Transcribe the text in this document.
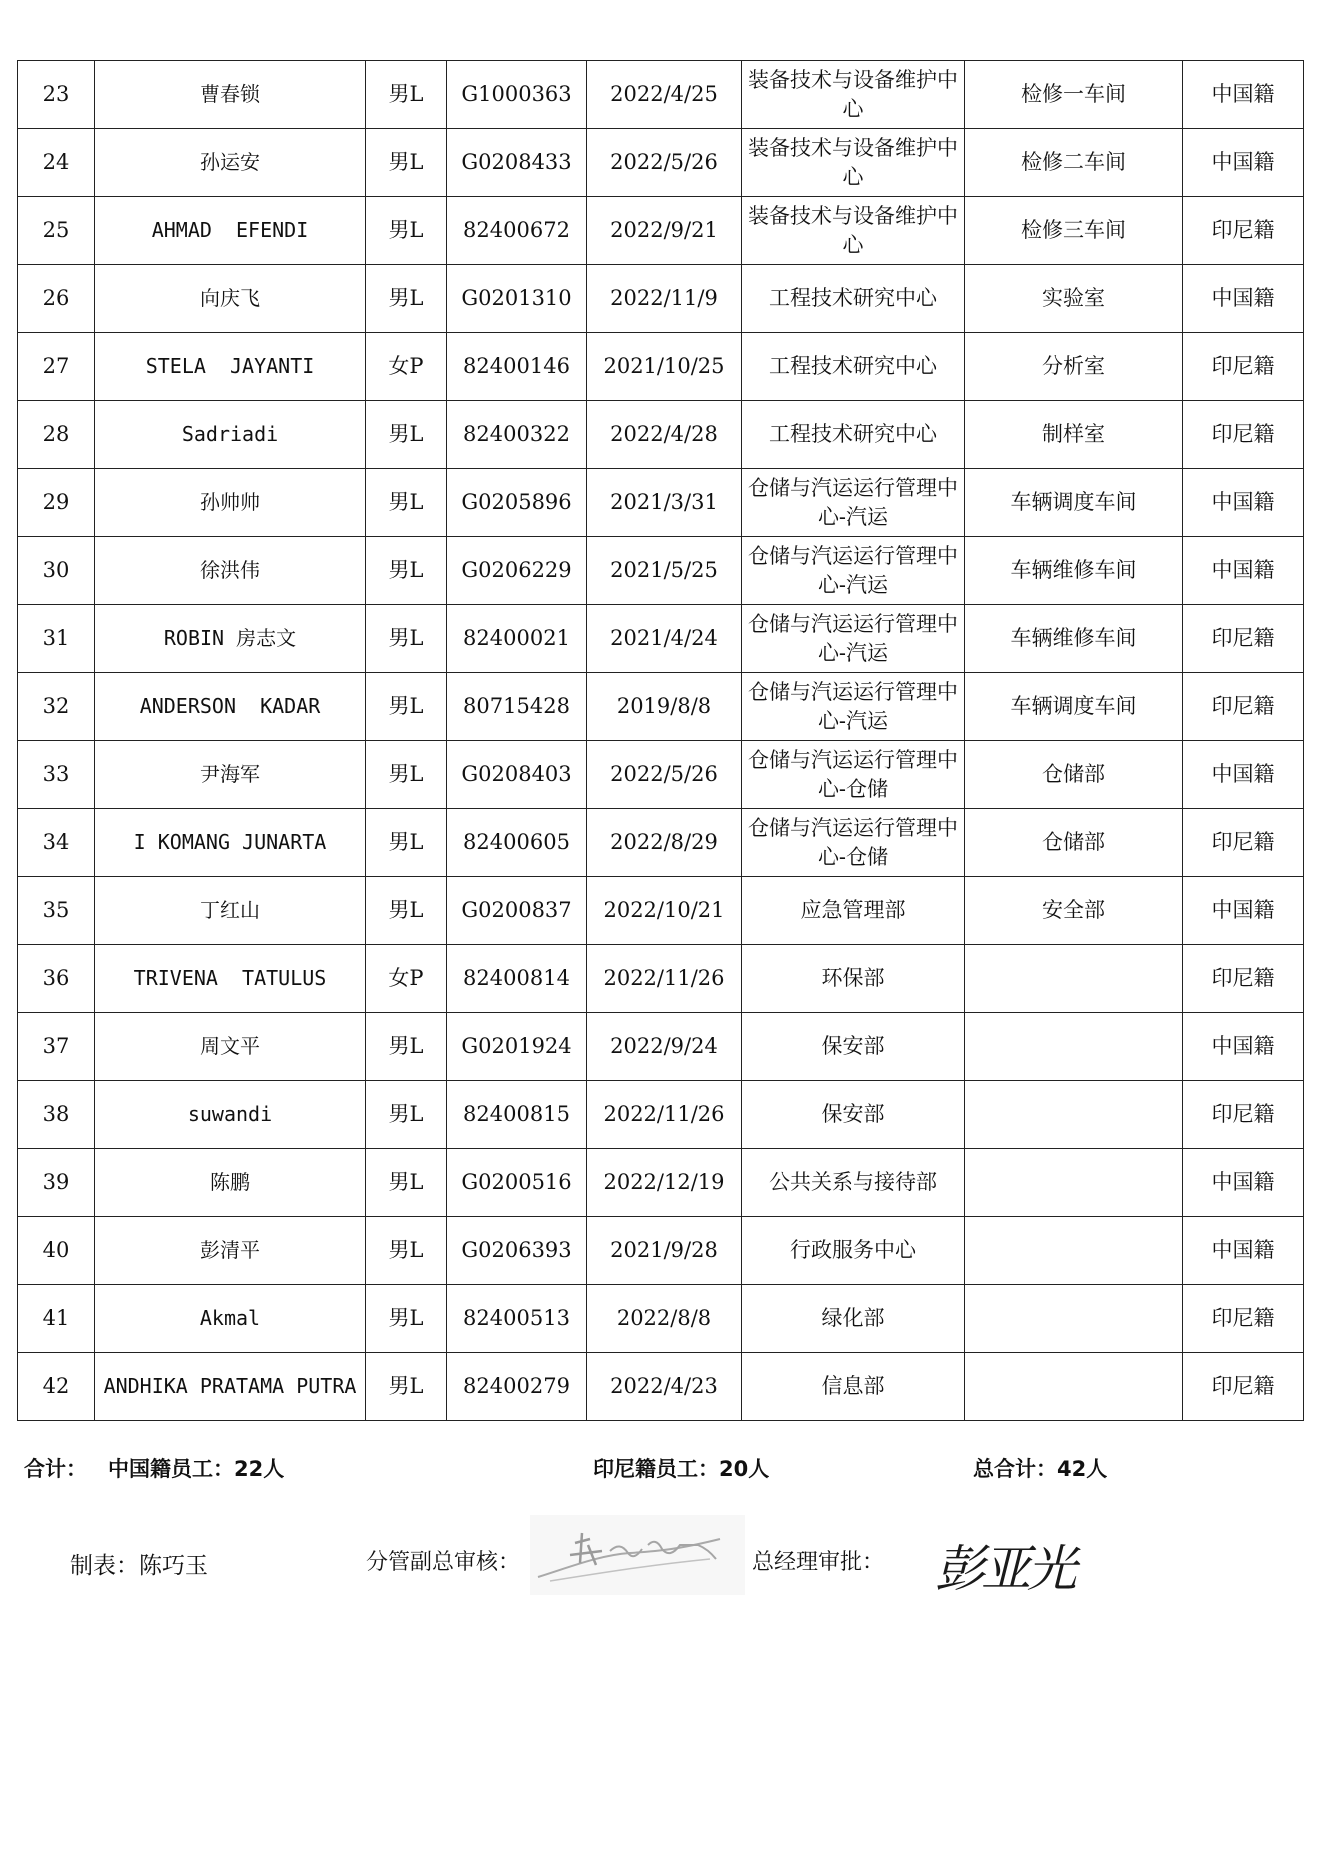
23	曹春锁	男L	G1000363	2022/4/25	装备技术与设备维护中心	检修一车间	中国籍
24	孙运安	男L	G0208433	2022/5/26	装备技术与设备维护中心	检修二车间	中国籍
25	AHMAD  EFENDI	男L	82400672	2022/9/21	装备技术与设备维护中心	检修三车间	印尼籍
26	向庆飞	男L	G0201310	2022/11/9	工程技术研究中心	实验室	中国籍
27	STELA  JAYANTI	女P	82400146	2021/10/25	工程技术研究中心	分析室	印尼籍
28	Sadriadi	男L	82400322	2022/4/28	工程技术研究中心	制样室	印尼籍
29	孙帅帅	男L	G0205896	2021/3/31	仓储与汽运运行管理中心-汽运	车辆调度车间	中国籍
30	徐洪伟	男L	G0206229	2021/5/25	仓储与汽运运行管理中心-汽运	车辆维修车间	中国籍
31	ROBIN 房志文	男L	82400021	2021/4/24	仓储与汽运运行管理中心-汽运	车辆维修车间	印尼籍
32	ANDERSON  KADAR	男L	80715428	2019/8/8	仓储与汽运运行管理中心-汽运	车辆调度车间	印尼籍
33	尹海军	男L	G0208403	2022/5/26	仓储与汽运运行管理中心-仓储	仓储部	中国籍
34	I KOMANG JUNARTA	男L	82400605	2022/8/29	仓储与汽运运行管理中心-仓储	仓储部	印尼籍
35	丁红山	男L	G0200837	2022/10/21	应急管理部	安全部	中国籍
36	TRIVENA  TATULUS	女P	82400814	2022/11/26	环保部		印尼籍
37	周文平	男L	G0201924	2022/9/24	保安部		中国籍
38	suwandi	男L	82400815	2022/11/26	保安部		印尼籍
39	陈鹏	男L	G0200516	2022/12/19	公共关系与接待部		中国籍
40	彭清平	男L	G0206393	2021/9/28	行政服务中心		中国籍
41	Akmal	男L	82400513	2022/8/8	绿化部		印尼籍
42	ANDHIKA PRATAMA PUTRA	男L	82400279	2022/4/23	信息部		印尼籍
合计： 中国籍员工：22人	印尼籍员工：20人	总合计：42人
制表：陈巧玉	分管副总审核：	总经理审批： 彭亚光
